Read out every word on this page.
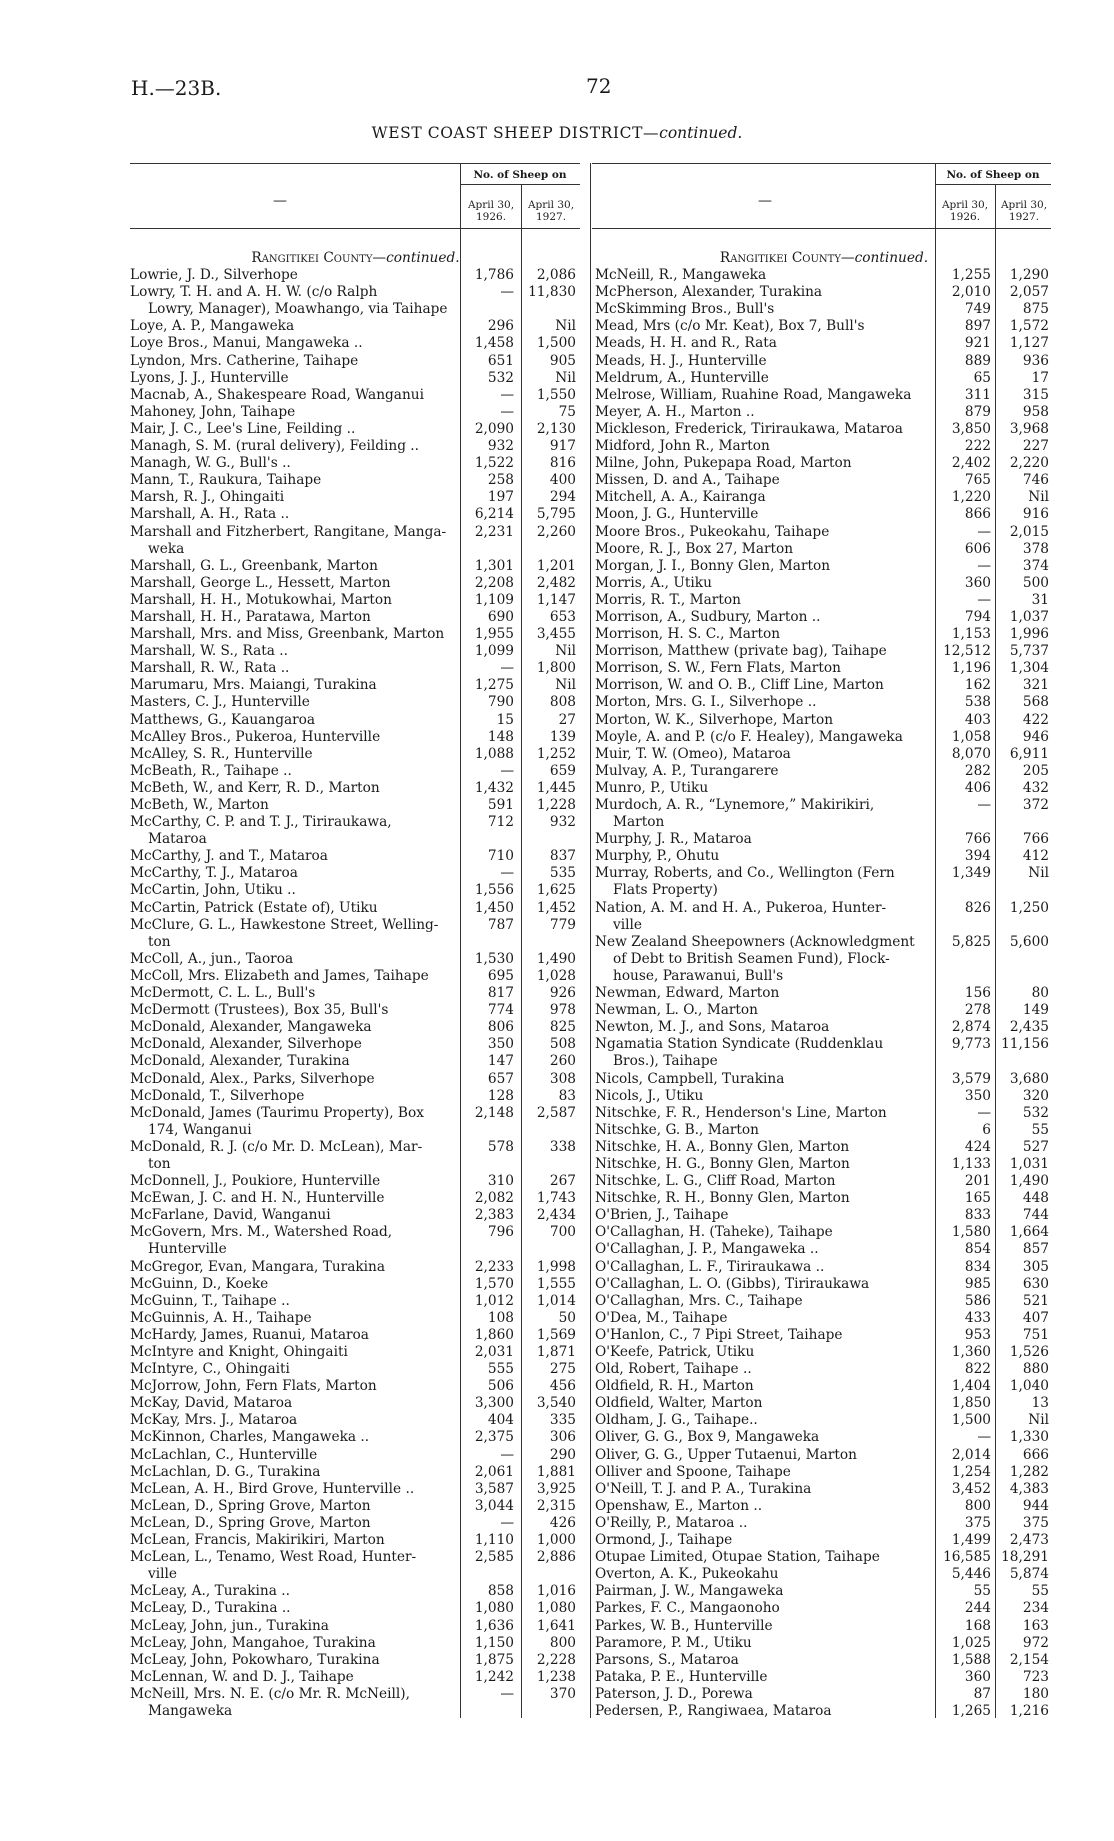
H.—23B.	72
WEST COAST SHEEP DISTRICT—continued.
—
No. of Sheep on
April 30, 1926.
April 30, 1927.
—
No. of Sheep on
April 30, 1926.
April 30, 1927.
Rangitikei County—continued.
Lowrie, J. D., Silverhope	1,786	2,086
Lowry, T. H. and A. H. W. (c/o Ralph	—	11,830
Lowry, Manager), Moawhango, via Taihape
Loye, A. P., Mangaweka	296	Nil
Loye Bros., Manui, Mangaweka ..	1,458	1,500
Lyndon, Mrs. Catherine, Taihape	651	905
Lyons, J. J., Hunterville	532	Nil
Macnab, A., Shakespeare Road, Wanganui	—	1,550
Mahoney, John, Taihape	—	75
Mair, J. C., Lee's Line, Feilding ..	2,090	2,130
Managh, S. M. (rural delivery), Feilding ..	932	917
Managh, W. G., Bull's ..	1,522	816
Mann, T., Raukura, Taihape	258	400
Marsh, R. J., Ohingaiti	197	294
Marshall, A. H., Rata ..	6,214	5,795
Marshall and Fitzherbert, Rangitane, Manga-	2,231	2,260
weka
Marshall, G. L., Greenbank, Marton	1,301	1,201
Marshall, George L., Hessett, Marton	2,208	2,482
Marshall, H. H., Motukowhai, Marton	1,109	1,147
Marshall, H. H., Paratawa, Marton	690	653
Marshall, Mrs. and Miss, Greenbank, Marton	1,955	3,455
Marshall, W. S., Rata ..	1,099	Nil
Marshall, R. W., Rata ..	—	1,800
Marumaru, Mrs. Maiangi, Turakina	1,275	Nil
Masters, C. J., Hunterville	790	808
Matthews, G., Kauangaroa	15	27
McAlley Bros., Pukeroa, Hunterville	148	139
McAlley, S. R., Hunterville	1,088	1,252
McBeath, R., Taihape ..	—	659
McBeth, W., and Kerr, R. D., Marton	1,432	1,445
McBeth, W., Marton	591	1,228
McCarthy, C. P. and T. J., Tiriraukawa,	712	932
Mataroa
McCarthy, J. and T., Mataroa	710	837
McCarthy, T. J., Mataroa	—	535
McCartin, John, Utiku ..	1,556	1,625
McCartin, Patrick (Estate of), Utiku	1,450	1,452
McClure, G. L., Hawkestone Street, Welling-	787	779
ton
McColl, A., jun., Taoroa	1,530	1,490
McColl, Mrs. Elizabeth and James, Taihape	695	1,028
McDermott, C. L. L., Bull's	817	926
McDermott (Trustees), Box 35, Bull's	774	978
McDonald, Alexander, Mangaweka	806	825
McDonald, Alexander, Silverhope	350	508
McDonald, Alexander, Turakina	147	260
McDonald, Alex., Parks, Silverhope	657	308
McDonald, T., Silverhope	128	83
McDonald, James (Taurimu Property), Box	2,148	2,587
174, Wanganui
McDonald, R. J. (c/o Mr. D. McLean), Mar-	578	338
ton
McDonnell, J., Poukiore, Hunterville	310	267
McEwan, J. C. and H. N., Hunterville	2,082	1,743
McFarlane, David, Wanganui	2,383	2,434
McGovern, Mrs. M., Watershed Road,	796	700
Hunterville
McGregor, Evan, Mangara, Turakina	2,233	1,998
McGuinn, D., Koeke	1,570	1,555
McGuinn, T., Taihape ..	1,012	1,014
McGuinnis, A. H., Taihape	108	50
McHardy, James, Ruanui, Mataroa	1,860	1,569
McIntyre and Knight, Ohingaiti	2,031	1,871
McIntyre, C., Ohingaiti	555	275
McJorrow, John, Fern Flats, Marton	506	456
McKay, David, Mataroa	3,300	3,540
McKay, Mrs. J., Mataroa	404	335
McKinnon, Charles, Mangaweka ..	2,375	306
McLachlan, C., Hunterville	—	290
McLachlan, D. G., Turakina	2,061	1,881
McLean, A. H., Bird Grove, Hunterville ..	3,587	3,925
McLean, D., Spring Grove, Marton	3,044	2,315
McLean, D., Spring Grove, Marton	—	426
McLean, Francis, Makirikiri, Marton	1,110	1,000
McLean, L., Tenamo, West Road, Hunter-	2,585	2,886
ville
McLeay, A., Turakina ..	858	1,016
McLeay, D., Turakina ..	1,080	1,080
McLeay, John, jun., Turakina	1,636	1,641
McLeay, John, Mangahoe, Turakina	1,150	800
McLeay, John, Pokowharo, Turakina	1,875	2,228
McLennan, W. and D. J., Taihape	1,242	1,238
McNeill, Mrs. N. E. (c/o Mr. R. McNeill),	—	370
Mangaweka
Rangitikei County—continued.
McNeill, R., Mangaweka	1,255	1,290
McPherson, Alexander, Turakina	2,010	2,057
McSkimming Bros., Bull's	749	875
Mead, Mrs (c/o Mr. Keat), Box 7, Bull's	897	1,572
Meads, H. H. and R., Rata	921	1,127
Meads, H. J., Hunterville	889	936
Meldrum, A., Hunterville	65	17
Melrose, William, Ruahine Road, Mangaweka	311	315
Meyer, A. H., Marton ..	879	958
Mickleson, Frederick, Tiriraukawa, Mataroa	3,850	3,968
Midford, John R., Marton	222	227
Milne, John, Pukepapa Road, Marton	2,402	2,220
Missen, D. and A., Taihape	765	746
Mitchell, A. A., Kairanga	1,220	Nil
Moon, J. G., Hunterville	866	916
Moore Bros., Pukeokahu, Taihape	—	2,015
Moore, R. J., Box 27, Marton	606	378
Morgan, J. I., Bonny Glen, Marton	—	374
Morris, A., Utiku	360	500
Morris, R. T., Marton	—	31
Morrison, A., Sudbury, Marton ..	794	1,037
Morrison, H. S. C., Marton	1,153	1,996
Morrison, Matthew (private bag), Taihape	12,512	5,737
Morrison, S. W., Fern Flats, Marton	1,196	1,304
Morrison, W. and O. B., Cliff Line, Marton	162	321
Morton, Mrs. G. I., Silverhope ..	538	568
Morton, W. K., Silverhope, Marton	403	422
Moyle, A. and P. (c/o F. Healey), Mangaweka	1,058	946
Muir, T. W. (Omeo), Mataroa	8,070	6,911
Mulvay, A. P., Turangarere	282	205
Munro, P., Utiku	406	432
Murdoch, A. R., “Lynemore,” Makirikiri,	—	372
Marton
Murphy, J. R., Mataroa	766	766
Murphy, P., Ohutu	394	412
Murray, Roberts, and Co., Wellington (Fern	1,349	Nil
Flats Property)
Nation, A. M. and H. A., Pukeroa, Hunter-	826	1,250
ville
New Zealand Sheepowners (Acknowledgment	5,825	5,600
of Debt to British Seamen Fund), Flock-
house, Parawanui, Bull's
Newman, Edward, Marton	156	80
Newman, L. O., Marton	278	149
Newton, M. J., and Sons, Mataroa	2,874	2,435
Ngamatia Station Syndicate (Ruddenklau	9,773 11,156
Bros.), Taihape
Nicols, Campbell, Turakina	3,579	3,680
Nicols, J., Utiku	350	320
Nitschke, F. R., Henderson's Line, Marton	—	532
Nitschke, G. B., Marton	6	55
Nitschke, H. A., Bonny Glen, Marton	424	527
Nitschke, H. G., Bonny Glen, Marton	1,133	1,031
Nitschke, L. G., Cliff Road, Marton	201	1,490
Nitschke, R. H., Bonny Glen, Marton	165	448
O'Brien, J., Taihape	833	744
O'Callaghan, H. (Taheke), Taihape	1,580	1,664
O'Callaghan, J. P., Mangaweka ..	854	857
O'Callaghan, L. F., Tiriraukawa ..	834	305
O'Callaghan, L. O. (Gibbs), Tiriraukawa	985	630
O'Callaghan, Mrs. C., Taihape	586	521
O'Dea, M., Taihape	433	407
O'Hanlon, C., 7 Pipi Street, Taihape	953	751
O'Keefe, Patrick, Utiku	1,360	1,526
Old, Robert, Taihape ..	822	880
Oldfield, R. H., Marton	1,404	1,040
Oldfield, Walter, Marton	1,850	13
Oldham, J. G., Taihape..	1,500	Nil
Oliver, G. G., Box 9, Mangaweka	—	1,330
Oliver, G. G., Upper Tutaenui, Marton	2,014	666
Olliver and Spoone, Taihape	1,254	1,282
O'Neill, T. J. and P. A., Turakina	3,452	4,383
Openshaw, E., Marton ..	800	944
O'Reilly, P., Mataroa ..	375	375
Ormond, J., Taihape	1,499	2,473
Otupae Limited, Otupae Station, Taihape	16,585 18,291
Overton, A. K., Pukeokahu	5,446	5,874
Pairman, J. W., Mangaweka	55	55
Parkes, F. C., Mangaonoho	244	234
Parkes, W. B., Hunterville	168	163
Paramore, P. M., Utiku	1,025	972
Parsons, S., Mataroa	1,588	2,154
Pataka, P. E., Hunterville	360	723
Paterson, J. D., Porewa	87	180
Pedersen, P., Rangiwaea, Mataroa	1,265	1,216
